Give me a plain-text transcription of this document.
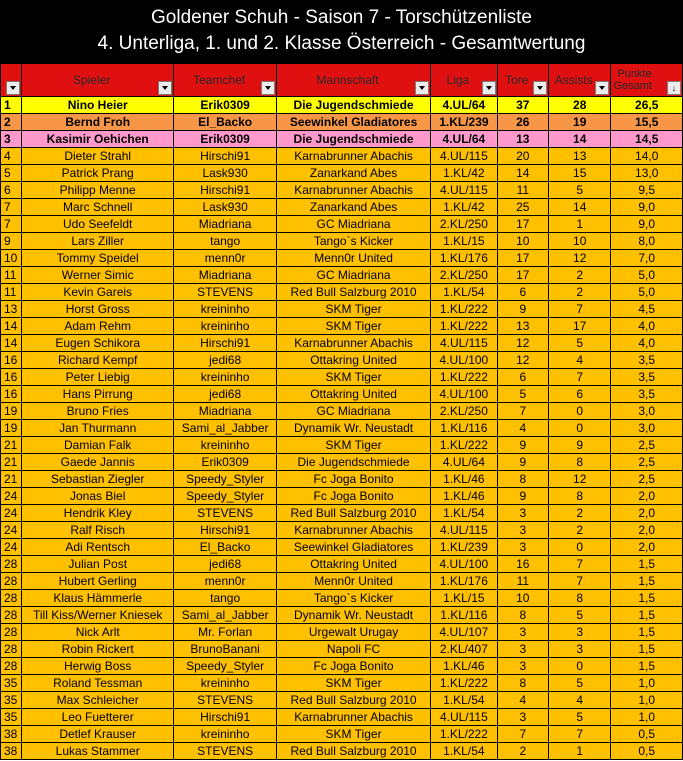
Goldener Schuh - Saison 7 - Torschützenliste
4. Unterliga, 1. und 2. Klasse Österreich - Gesamtwertung

	Spieler	Teamchef	Mannschaft	Liga	Tore	Assists	Punkte
Gesamt
↓

1	Nino Heier	Erik0309	Die Jugendschmiede	4.UL/64	37	28	26,5
2	Bernd Froh	El_Backo	Seewinkel Gladiatores	1.KL/239	26	19	15,5
3	Kasimir Oehichen	Erik0309	Die Jugendschmiede	4.UL/64	13	14	14,5
4	Dieter Strahl	Hirschi91	Karnabrunner Abachis	4.UL/115	20	13	14,0
5	Patrick Prang	Lask930	Zanarkand Abes	1.KL/42	14	15	13,0
6	Philipp Menne	Hirschi91	Karnabrunner Abachis	4.UL/115	11	5	9,5
7	Marc Schnell	Lask930	Zanarkand Abes	1.KL/42	25	14	9,0
7	Udo Seefeldt	Miadriana	GC Miadriana	2.KL/250	17	1	9,0
9	Lars Ziller	tango	Tango`s Kicker	1.KL/15	10	10	8,0
10	Tommy Speidel	menn0r	Menn0r United	1.KL/176	17	12	7,0
11	Werner Simic	Miadriana	GC Miadriana	2.KL/250	17	2	5,0
11	Kevin Gareis	STEVENS	Red Bull Salzburg 2010	1.KL/54	6	2	5,0
13	Horst Gross	kreininho	SKM Tiger	1.KL/222	9	7	4,5
14	Adam Rehm	kreininho	SKM Tiger	1.KL/222	13	17	4,0
14	Eugen Schikora	Hirschi91	Karnabrunner Abachis	4.UL/115	12	5	4,0
16	Richard Kempf	jedi68	Ottakring United	4.UL/100	12	4	3,5
16	Peter Liebig	kreininho	SKM Tiger	1.KL/222	6	7	3,5
16	Hans Pirrung	jedi68	Ottakring United	4.UL/100	5	6	3,5
19	Bruno Fries	Miadriana	GC Miadriana	2.KL/250	7	0	3,0
19	Jan Thurmann	Sami_al_Jabber	Dynamik Wr. Neustadt	1.KL/116	4	0	3,0
21	Damian Falk	kreininho	SKM Tiger	1.KL/222	9	9	2,5
21	Gaede Jannis	Erik0309	Die Jugendschmiede	4.UL/64	9	8	2,5
21	Sebastian Ziegler	Speedy_Styler	Fc Joga Bonito	1.KL/46	8	12	2,5
24	Jonas Biel	Speedy_Styler	Fc Joga Bonito	1.KL/46	9	8	2,0
24	Hendrik Kley	STEVENS	Red Bull Salzburg 2010	1.KL/54	3	2	2,0
24	Ralf Risch	Hirschi91	Karnabrunner Abachis	4.UL/115	3	2	2,0
24	Adi Rentsch	El_Backo	Seewinkel Gladiatores	1.KL/239	3	0	2,0
28	Julian Post	jedi68	Ottakring United	4.UL/100	16	7	1,5
28	Hubert Gerling	menn0r	Menn0r United	1.KL/176	11	7	1,5
28	Klaus Hämmerle	tango	Tango`s Kicker	1.KL/15	10	8	1,5
28	Till Kiss/Werner Kniesek	Sami_al_Jabber	Dynamik Wr. Neustadt	1.KL/116	8	5	1,5
28	Nick Arlt	Mr. Forlan	Urgewalt Urugay	4.UL/107	3	3	1,5
28	Robin Rickert	BrunoBanani	Napoli FC	2.KL/407	3	3	1,5
28	Herwig Boss	Speedy_Styler	Fc Joga Bonito	1.KL/46	3	0	1,5
35	Roland Tessman	kreininho	SKM Tiger	1.KL/222	8	5	1,0
35	Max Schleicher	STEVENS	Red Bull Salzburg 2010	1.KL/54	4	4	1,0
35	Leo Fuetterer	Hirschi91	Karnabrunner Abachis	4.UL/115	3	5	1,0
38	Detlef Krauser	kreininho	SKM Tiger	1.KL/222	7	7	0,5
38	Lukas Stammer	STEVENS	Red Bull Salzburg 2010	1.KL/54	2	1	0,5
